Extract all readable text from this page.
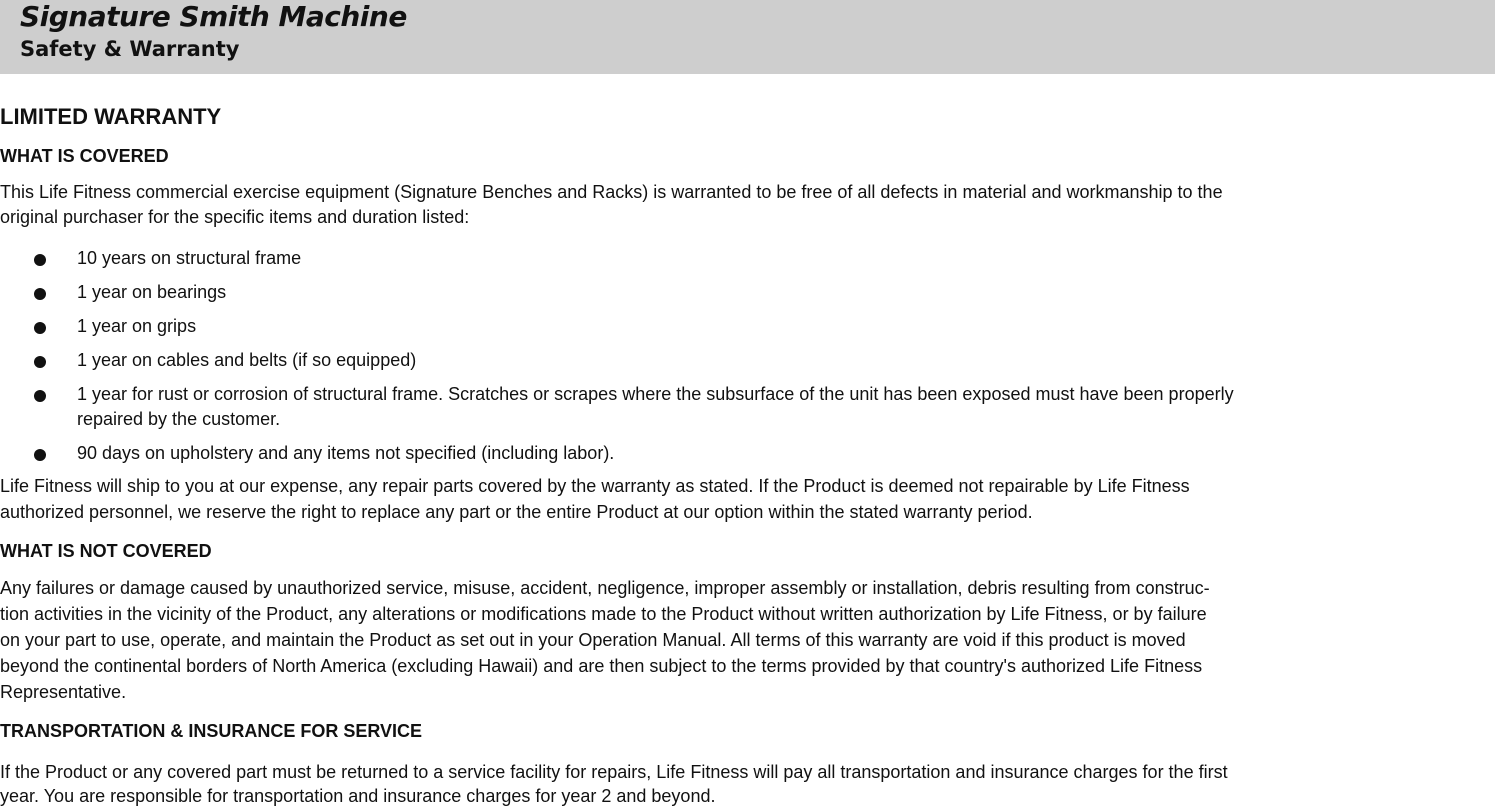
Signature Smith Machine
Safety & Warranty
LIMITED WARRANTY
WHAT IS COVERED
This Life Fitness commercial exercise equipment (Signature Benches and Racks) is warranted to be free of all defects in material and workmanship to the
original purchaser for the specific items and duration listed:
10 years on structural frame
1 year on bearings
1 year on grips
1 year on cables and belts (if so equipped)
1 year for rust or corrosion of structural frame. Scratches or scrapes where the subsurface of the unit has been exposed must have been properly
repaired by the customer.
90 days on upholstery and any items not specified (including labor).
Life Fitness will ship to you at our expense, any repair parts covered by the warranty as stated. If the Product is deemed not repairable by Life Fitness
authorized personnel, we reserve the right to replace any part or the entire Product at our option within the stated warranty period.
WHAT IS NOT COVERED
Any failures or damage caused by unauthorized service, misuse, accident, negligence, improper assembly or installation, debris resulting from construc-
tion activities in the vicinity of the Product, any alterations or modifications made to the Product without written authorization by Life Fitness, or by failure
on your part to use, operate, and maintain the Product as set out in your Operation Manual. All terms of this warranty are void if this product is moved
beyond the continental borders of North America (excluding Hawaii) and are then subject to the terms provided by that country's authorized Life Fitness
Representative.
TRANSPORTATION & INSURANCE FOR SERVICE
If the Product or any covered part must be returned to a service facility for repairs, Life Fitness will pay all transportation and insurance charges for the first
year. You are responsible for transportation and insurance charges for year 2 and beyond.
